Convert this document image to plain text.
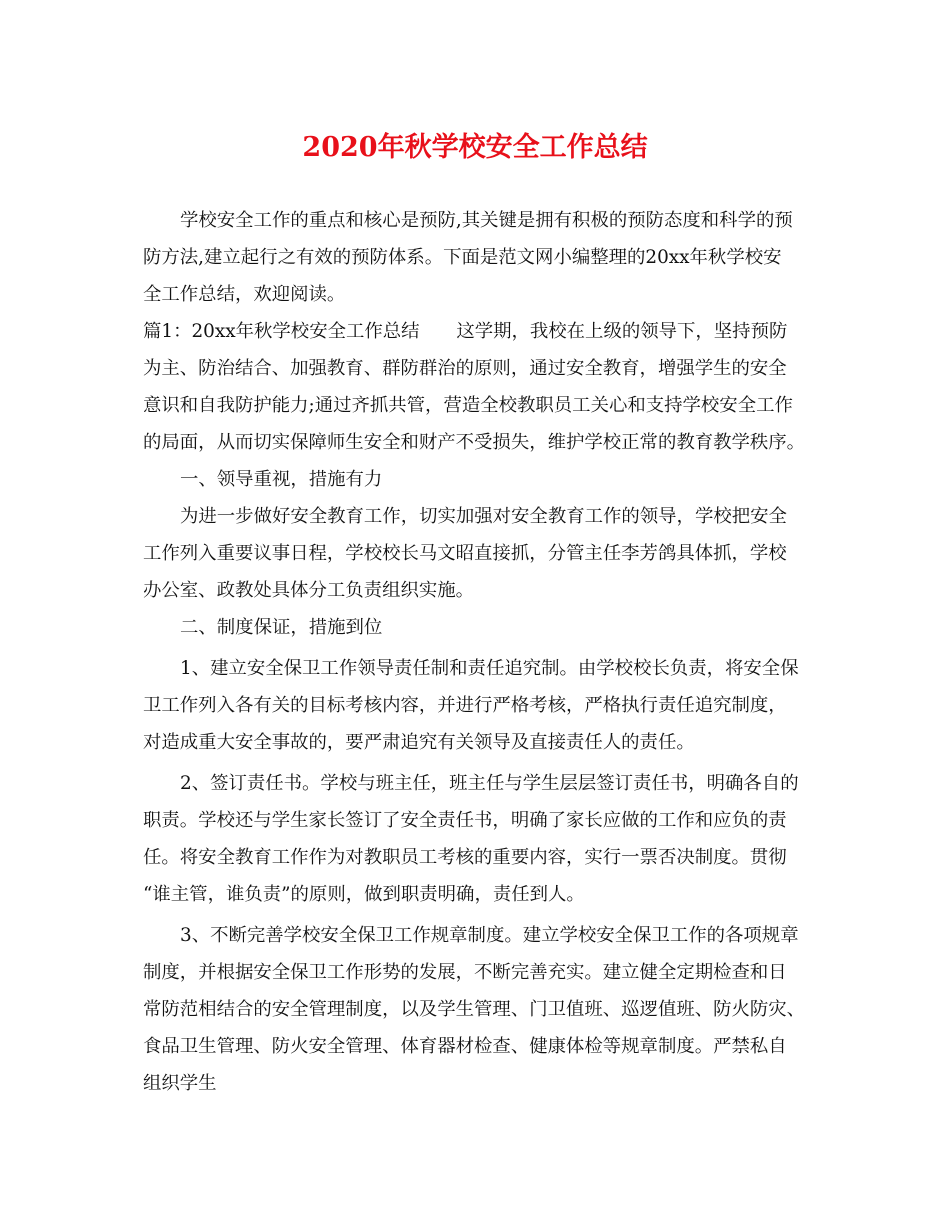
2020年秋学校安全工作总结

学校安全工作的重点和核心是预防,其关键是拥有积极的预防态度和科学的预

防方法,建立起行之有效的预防体系。下面是范文网小编整理的20xx年秋学校安

全工作总结，欢迎阅读。

篇1：20xx年秋学校安全工作总结　　这学期，我校在上级的领导下，坚持预防

为主、防治结合、加强教育、群防群治的原则，通过安全教育，增强学生的安全

意识和自我防护能力;通过齐抓共管，营造全校教职员工关心和支持学校安全工作

的局面，从而切实保障师生安全和财产不受损失，维护学校正常的教育教学秩序。

一、领导重视，措施有力

为进一步做好安全教育工作，切实加强对安全教育工作的领导，学校把安全

工作列入重要议事日程，学校校长马文昭直接抓，分管主任李芳鸽具体抓，学校

办公室、政教处具体分工负责组织实施。

二、制度保证，措施到位

1、建立安全保卫工作领导责任制和责任追究制。由学校校长负责，将安全保

卫工作列入各有关的目标考核内容，并进行严格考核，严格执行责任追究制度，

对造成重大安全事故的，要严肃追究有关领导及直接责任人的责任。

2、签订责任书。学校与班主任，班主任与学生层层签订责任书，明确各自的

职责。学校还与学生家长签订了安全责任书，明确了家长应做的工作和应负的责

任。将安全教育工作作为对教职员工考核的重要内容，实行一票否决制度。贯彻

“谁主管，谁负责”的原则，做到职责明确，责任到人。

3、不断完善学校安全保卫工作规章制度。建立学校安全保卫工作的各项规章

制度，并根据安全保卫工作形势的发展，不断完善充实。建立健全定期检查和日

常防范相结合的安全管理制度，以及学生管理、门卫值班、巡逻值班、防火防灾、

食品卫生管理、防火安全管理、体育器材检查、健康体检等规章制度。严禁私自

组织学生
